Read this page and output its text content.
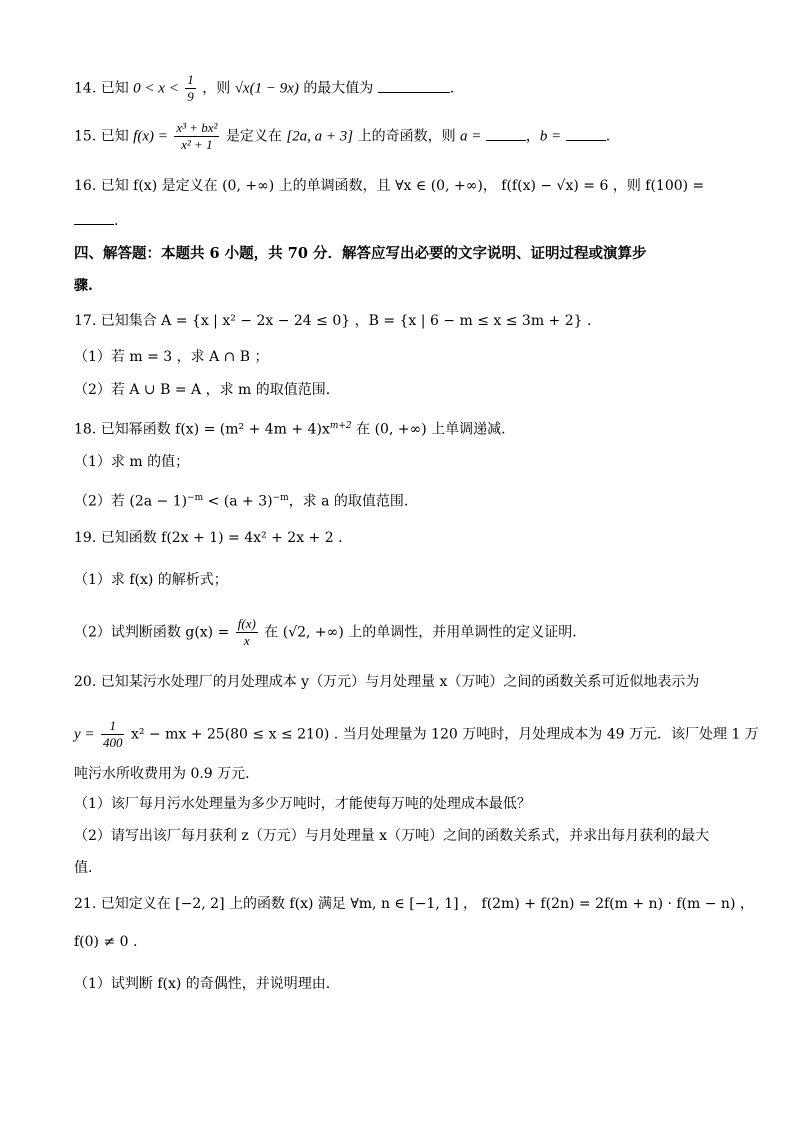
14. 已知 $0 < x < \frac{1}{9}$ ，则 √x(1 − 9x) 的最大值为	.
15. 已知 $f(x) = \frac{\text{x³ + bx²}}{\text{x² + 1}}$ 是定义在 [2a, a + 3] 上的奇函数，则 a =	，b =	.
16. 已知 f(x) 是定义在 (0, +∞) 上的单调函数，且 ∀x ∈ (0, +∞)， f(f(x) − √x) = 6 ，则 f(100) =
.
四、解答题：本题共 6 小题，共 70 分．解答应写出必要的文字说明、证明过程或演算步
骤.
17. 已知集合 A = {x | x² − 2x − 24 ≤ 0} ，B = {x | 6 − m ≤ x ≤ 3m + 2} .
（1）若 m = 3 ，求 A ∩ B ；
（2）若 A ∪ B = A ，求 m 的取值范围.
18. 已知幂函数 $f(x) = (m^2 + 4m + 4)x^{m+2}$ 在 (0, +∞) 上单调递减.
（1）求 m 的值；
（2）若 $(2a - 1)^{-m} < (a + 3)^{-m}$，求 a 的取值范围.
19. 已知函数 f(2x + 1) = 4x² + 2x + 2 .
（1）求 f(x) 的解析式；
（2）试判断函数 $g(x) = \frac{f(x)}{x}$ 在 (√2, +∞) 上的单调性，并用单调性的定义证明.
20. 已知某污水处理厂的月处理成本 y（万元）与月处理量 x（万吨）之间的函数关系可近似地表示为
$y = \frac{1}{400} x^2$ − mx + 25(80 ≤ x ≤ 210) . 当月处理量为 120 万吨时，月处理成本为 49 万元．该厂处理 1 万
吨污水所收费用为 0.9 万元.
（1）该厂每月污水处理量为多少万吨时，才能使每万吨的处理成本最低？
（2）请写出该厂每月获利 z（万元）与月处理量 x（万吨）之间的函数关系式，并求出每月获利的最大
值.
21. 已知定义在 [−2, 2] 上的函数 f(x) 满足 ∀m, n ∈ [−1, 1] ， f(2m) + f(2n) = 2f(m + n) · f(m − n) ，
f(0) ≠ 0 .
（1）试判断 f(x) 的奇偶性，并说明理由.
